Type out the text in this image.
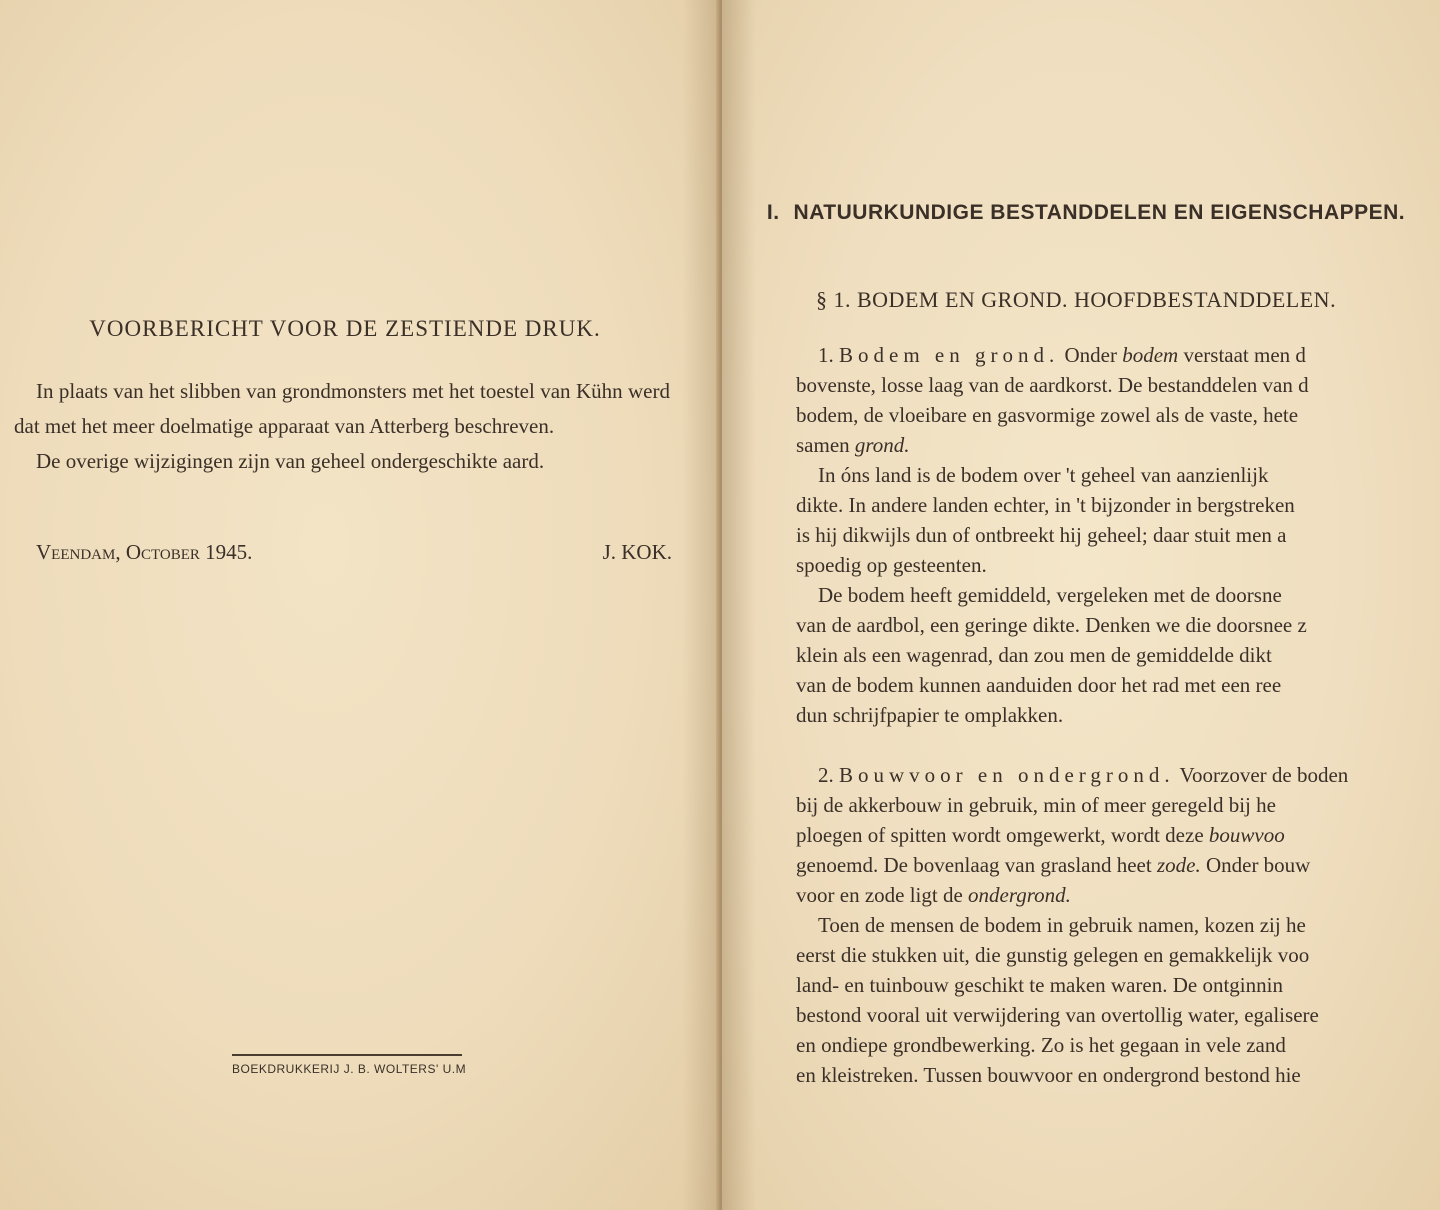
VOORBERICHT VOOR DE ZESTIENDE DRUK.

In plaats van het slibben van grondmonsters met het toestel van Kühn werd dat met het meer doelmatige apparaat van Atterberg beschreven.

De overige wijzigingen zijn van geheel ondergeschikte aard.

Veendam, October 1945.	J. KOK.
BOEKDRUKKERIJ J. B. WOLTERS' U.M
I. NATUURKUNDIGE BESTANDDELEN EN EIGENSCHAPPEN.
§ 1. BODEM EN GROND. HOOFDBESTANDDELEN.
1. Bodem en grond. Onder bodem verstaat men d
bovenste, losse laag van de aardkorst. De bestanddelen van d
bodem, de vloeibare en gasvormige zowel als de vaste, hete
samen grond.
In óns land is de bodem over 't geheel van aanzienlijk
dikte. In andere landen echter, in 't bijzonder in bergstreken
is hij dikwijls dun of ontbreekt hij geheel; daar stuit men a
spoedig op gesteenten.
De bodem heeft gemiddeld, vergeleken met de doorsne
van de aardbol, een geringe dikte. Denken we die doorsnee z
klein als een wagenrad, dan zou men de gemiddelde dikt
van de bodem kunnen aanduiden door het rad met een ree
dun schrijfpapier te omplakken.
2. Bouwvoor en ondergrond. Voorzover de boden
bij de akkerbouw in gebruik, min of meer geregeld bij he
ploegen of spitten wordt omgewerkt, wordt deze bouwvoo
genoemd. De bovenlaag van grasland heet zode. Onder bouw
voor en zode ligt de ondergrond.
Toen de mensen de bodem in gebruik namen, kozen zij he
eerst die stukken uit, die gunstig gelegen en gemakkelijk voo
land- en tuinbouw geschikt te maken waren. De ontginnin
bestond vooral uit verwijdering van overtollig water, egalisere
en ondiepe grondbewerking. Zo is het gegaan in vele zand
en kleistreken. Tussen bouwvoor en ondergrond bestond hie
